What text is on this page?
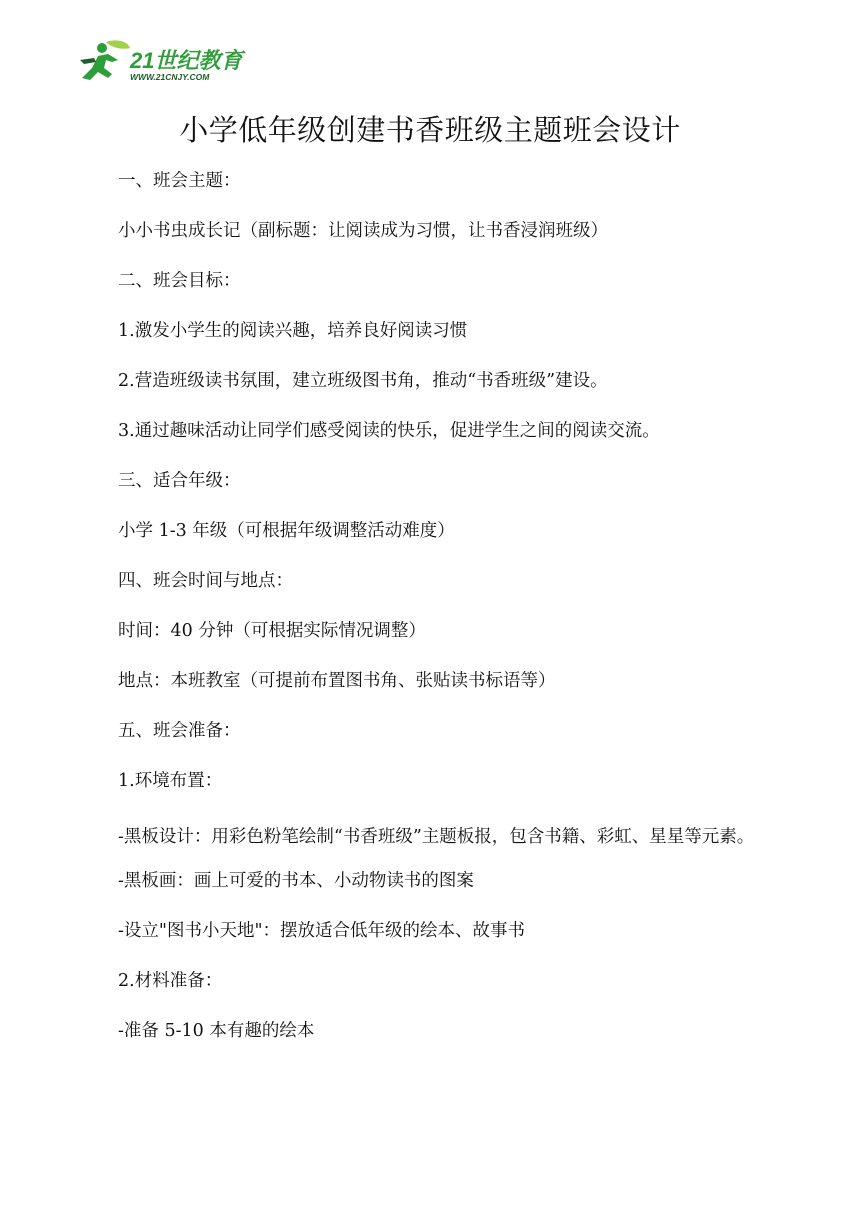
21世纪教育
WWW.21CNJY.COM
小学低年级创建书香班级主题班会设计

一、班会主题：

小小书虫成长记（副标题：让阅读成为习惯，让书香浸润班级）

二、班会目标：

1.激发小学生的阅读兴趣，培养良好阅读习惯

2.营造班级读书氛围，建立班级图书角，推动“书香班级”建设。

3.通过趣味活动让同学们感受阅读的快乐，促进学生之间的阅读交流。

三、适合年级：

小学 1-3 年级（可根据年级调整活动难度）

四、班会时间与地点：

时间：40 分钟（可根据实际情况调整）

地点：本班教室（可提前布置图书角、张贴读书标语等）

五、班会准备：

1.环境布置：

-黑板设计：用彩色粉笔绘制“书香班级”主题板报，包含书籍、彩虹、星星等元素。

-黑板画：画上可爱的书本、小动物读书的图案

-设立"图书小天地"：摆放适合低年级的绘本、故事书

2.材料准备：

-准备 5-10 本有趣的绘本
